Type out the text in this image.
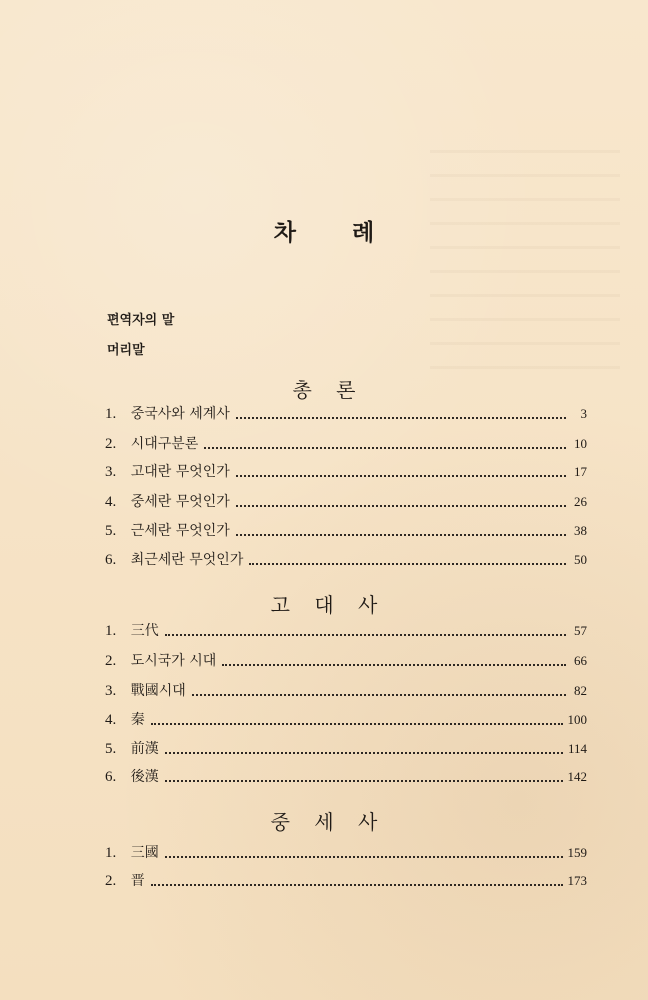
차 례
편역자의 말
머리말
총 론
1. 중국사와 세계사	3
2. 시대구분론	10
3. 고대란 무엇인가	17
4. 중세란 무엇인가	26
5. 근세란 무엇인가	38
6. 최근세란 무엇인가	50
고 대 사
1. 三代	57
2. 도시국가 시대	66
3. 戰國시대	82
4. 秦	100
5. 前漢	114
6. 後漢	142
중 세 사
1. 三國	159
2. 晋	173
